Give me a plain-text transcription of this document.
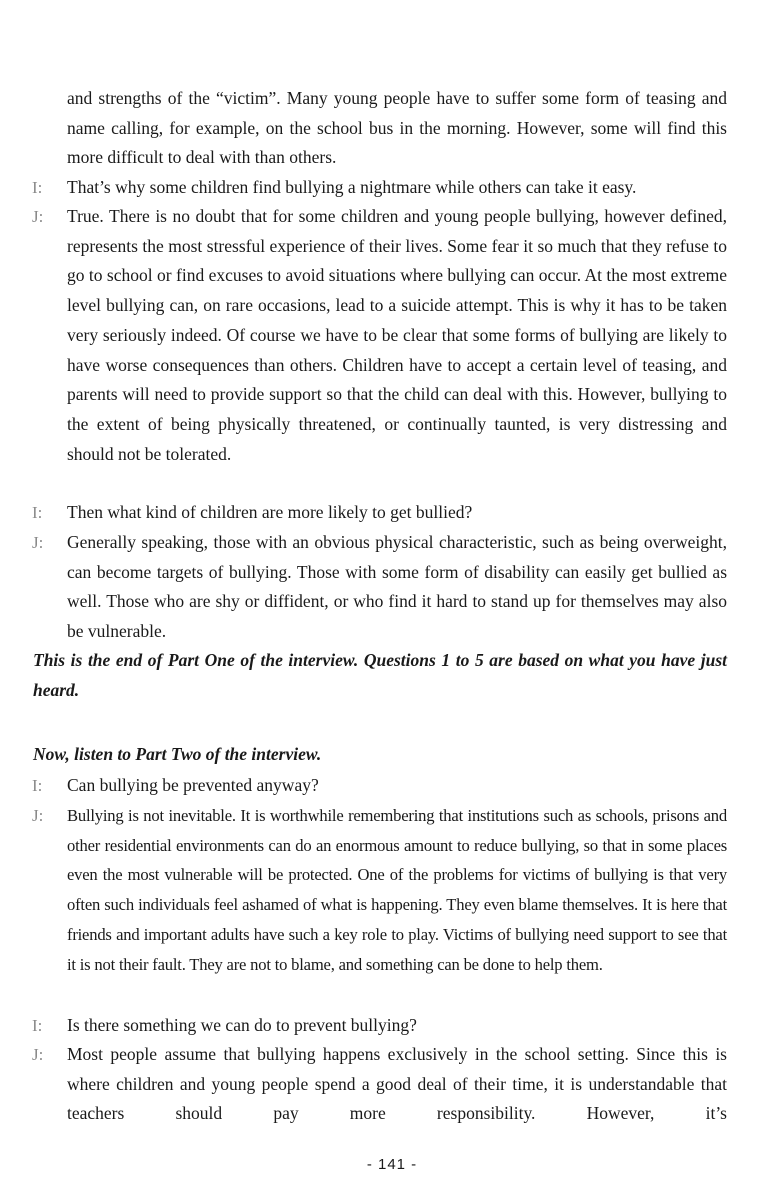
and strengths of the “victim”. Many young people have to suffer some form of teasing and name calling, for example, on the school bus in the morning. However, some will find this more difficult to deal with than others.
I: That’s why some children find bullying a nightmare while others can take it easy.
J: True. There is no doubt that for some children and young people bullying, however defined, represents the most stressful experience of their lives. Some fear it so much that they refuse to go to school or find excuses to avoid situations where bullying can occur. At the most extreme level bullying can, on rare occasions, lead to a suicide attempt. This is why it has to be taken very seriously indeed. Of course we have to be clear that some forms of bullying are likely to have worse consequences than others. Children have to accept a certain level of teasing, and parents will need to provide support so that the child can deal with this. However, bullying to the extent of being physically threatened, or continually taunted, is very distressing and should not be tolerated.
I: Then what kind of children are more likely to get bullied?
J: Generally speaking, those with an obvious physical characteristic, such as being overweight, can become targets of bullying. Those with some form of disability can easily get bullied as well. Those who are shy or diffident, or who find it hard to stand up for themselves may also be vulnerable.
This is the end of Part One of the interview. Questions 1 to 5 are based on what you have just heard.
Now, listen to Part Two of the interview.
I: Can bullying be prevented anyway?
J: Bullying is not inevitable. It is worthwhile remembering that institutions such as schools, prisons and other residential environments can do an enormous amount to reduce bullying, so that in some places even the most vulnerable will be protected. One of the problems for victims of bullying is that very often such individuals feel ashamed of what is happening. They even blame themselves. It is here that friends and important adults have such a key role to play. Victims of bullying need support to see that it is not their fault. They are not to blame, and something can be done to help them.
I: Is there something we can do to prevent bullying?
J: Most people assume that bullying happens exclusively in the school setting. Since this is where children and young people spend a good deal of their time, it is understandable that teachers should pay more responsibility. However, it’s
- 141 -
